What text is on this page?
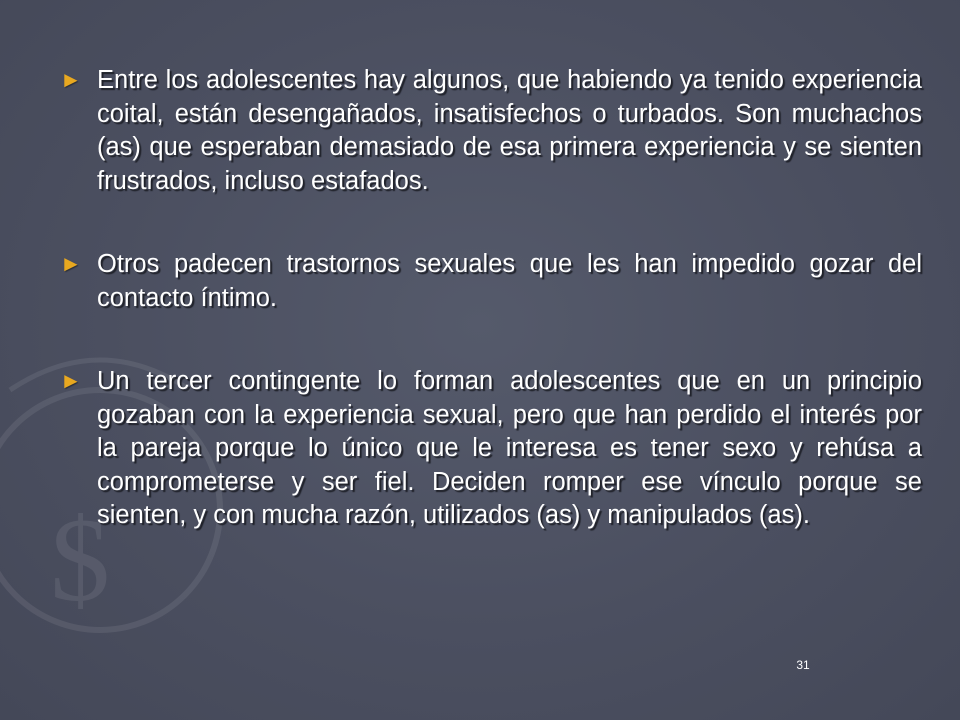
$
► Entre los adolescentes hay algunos, que habiendo ya tenido experiencia coital, están desengañados, insatisfechos o turbados. Son muchachos (as) que esperaban demasiado de esa primera experiencia y se sienten frustrados, incluso estafados.
► Otros padecen trastornos sexuales que les han impedido gozar del contacto íntimo.
► Un tercer contingente lo forman adolescentes que en un principio gozaban con la experiencia sexual, pero que han perdido el interés por la pareja porque lo único que le interesa es tener sexo y rehúsa a comprometerse y ser fiel. Deciden romper ese vínculo porque se sienten, y con mucha razón, utilizados (as) y manipulados (as).
31
